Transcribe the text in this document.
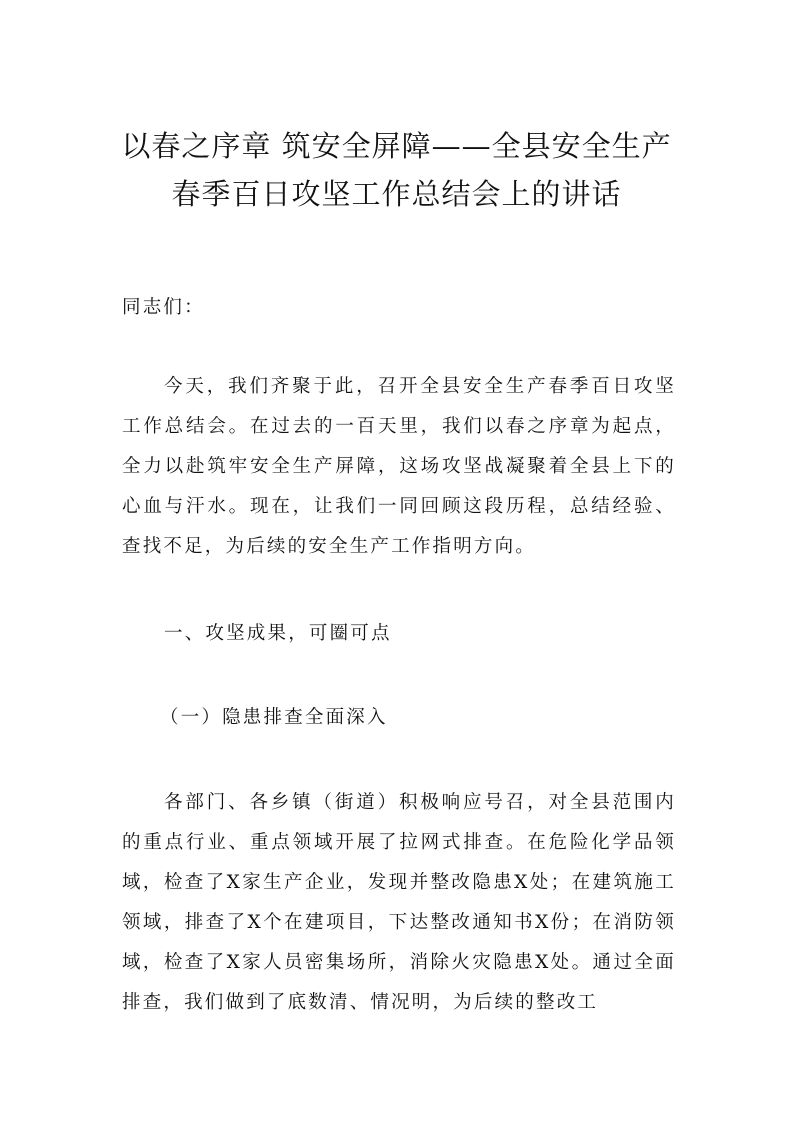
以春之序章 筑安全屏障——全县安全生产
春季百日攻坚工作总结会上的讲话
同志们：
今天，我们齐聚于此，召开全县安全生产春季百日攻坚工作总结会。在过去的一百天里，我们以春之序章为起点，全力以赴筑牢安全生产屏障，这场攻坚战凝聚着全县上下的心血与汗水。现在，让我们一同回顾这段历程，总结经验、查找不足，为后续的安全生产工作指明方向。
一、攻坚成果，可圈可点
（一）隐患排查全面深入
各部门、各乡镇（街道）积极响应号召，对全县范围内的重点行业、重点领域开展了拉网式排查。在危险化学品领域，检查了X家生产企业，发现并整改隐患X处；在建筑施工领域，排查了X个在建项目，下达整改通知书X份；在消防领域，检查了X家人员密集场所，消除火灾隐患X处。通过全面排查，我们做到了底数清、情况明，为后续的整改工
